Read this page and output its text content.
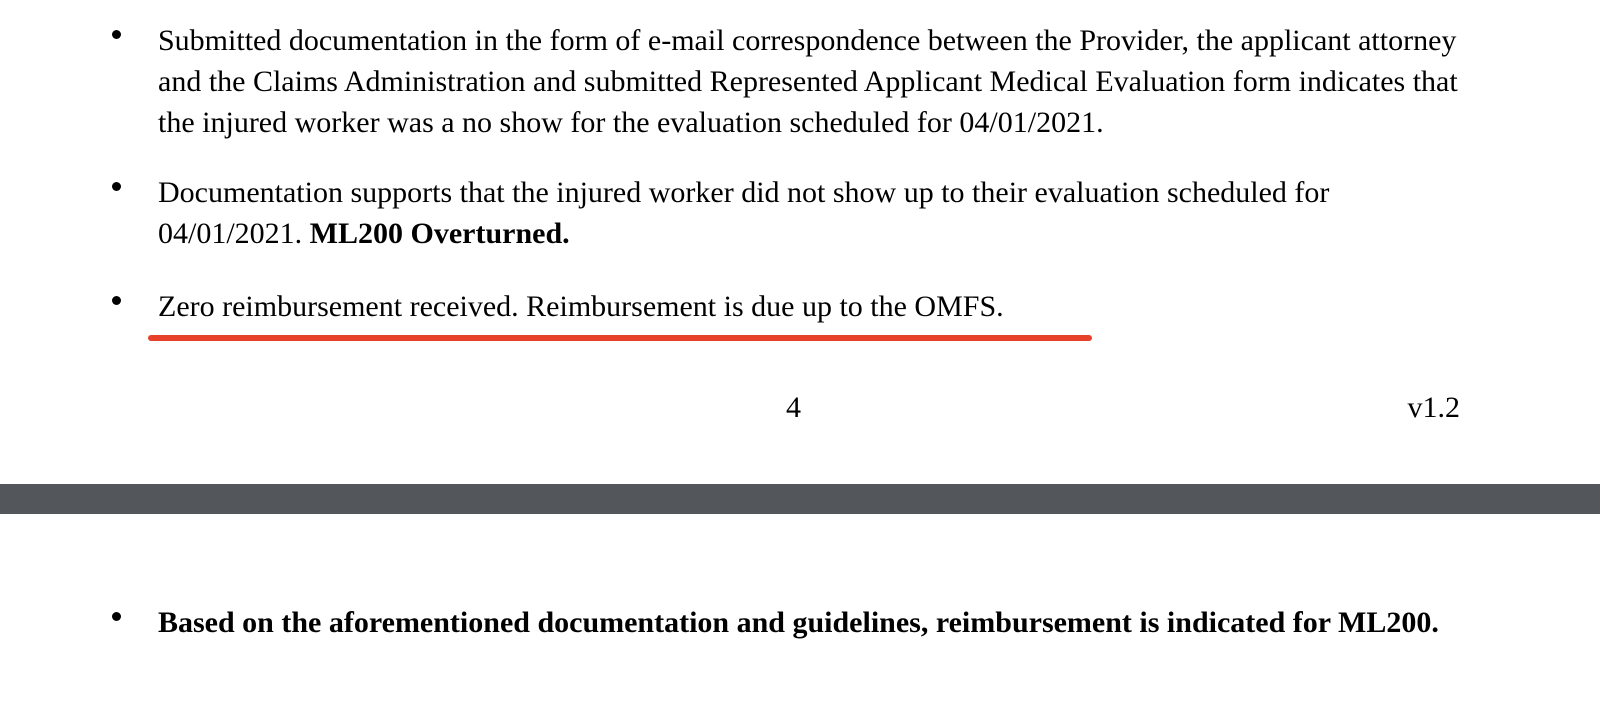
Submitted documentation in the form of e-mail correspondence between the Provider, the applicant attorney and the Claims Administration and submitted Represented Applicant Medical Evaluation form indicates that the injured worker was a no show for the evaluation scheduled for 04/01/2021.
Documentation supports that the injured worker did not show up to their evaluation scheduled for 04/01/2021. ML200 Overturned.
Zero reimbursement received. Reimbursement is due up to the OMFS.
4	v1.2
Based on the aforementioned documentation and guidelines, reimbursement is indicated for ML200.
